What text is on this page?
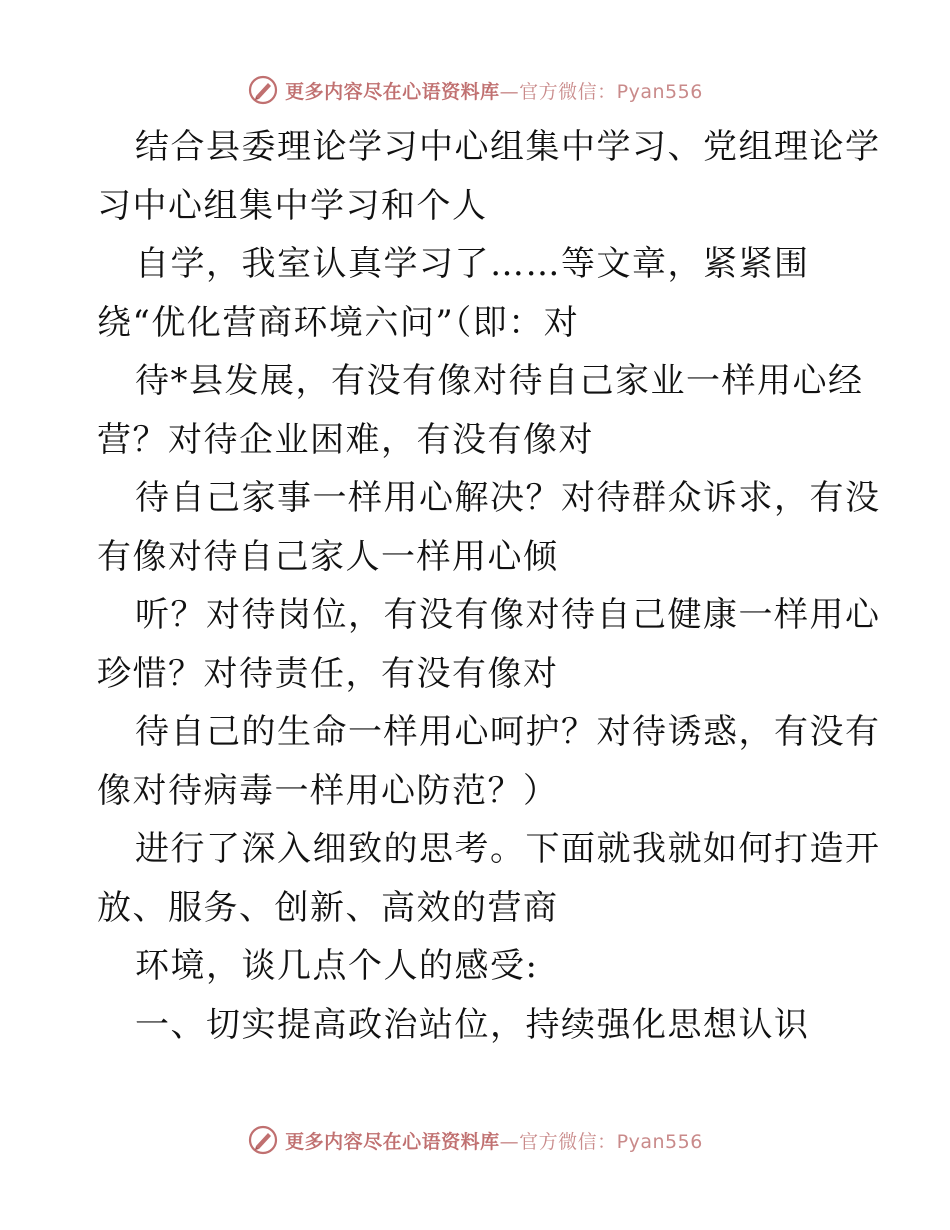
更多内容尽在心语资料库—官方微信：Pyan556
结合县委理论学习中心组集中学习、党组理论学
习中心组集中学习和个人
自学，我室认真学习了……等文章，紧紧围
绕“优化营商环境六问”（即：对
待*县发展，有没有像对待自己家业一样用心经
营？对待企业困难，有没有像对
待自己家事一样用心解决？对待群众诉求，有没
有像对待自己家人一样用心倾
听？对待岗位，有没有像对待自己健康一样用心
珍惜？对待责任，有没有像对
待自己的生命一样用心呵护？对待诱惑，有没有
像对待病毒一样用心防范？）
进行了深入细致的思考。下面就我就如何打造开
放、服务、创新、高效的营商
环境，谈几点个人的感受:
一、切实提高政治站位，持续强化思想认识
更多内容尽在心语资料库—官方微信：Pyan556
